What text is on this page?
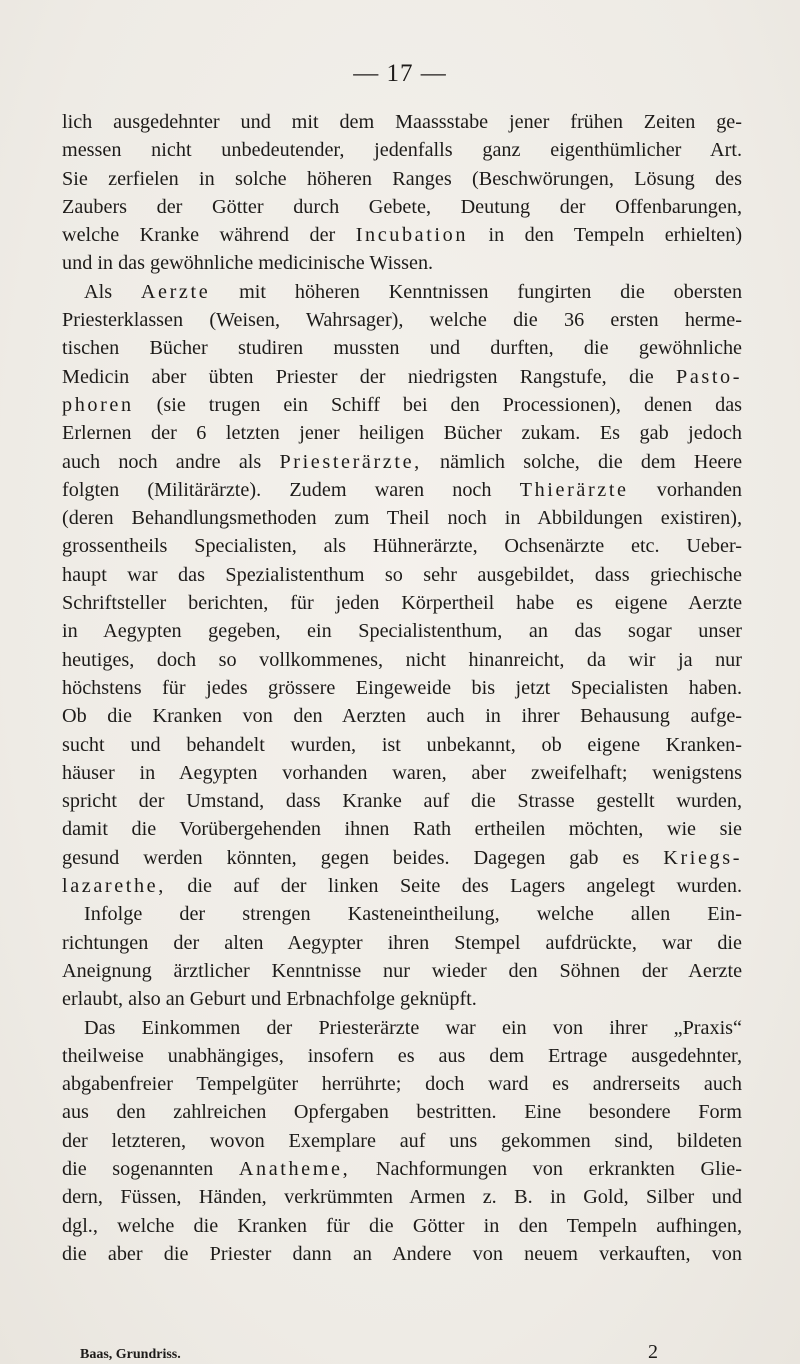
— 17 —
lich ausgedehnter und mit dem Maassstabe jener frühen Zeiten ge-
messen nicht unbedeutender, jedenfalls ganz eigenthümlicher Art.
Sie zerfielen in solche höheren Ranges (Beschwörungen, Lösung des
Zaubers der Götter durch Gebete, Deutung der Offenbarungen,
welche Kranke während der Incubation in den Tempeln erhielten)
und in das gewöhnliche medicinische Wissen.
Als Aerzte mit höheren Kenntnissen fungirten die obersten
Priesterklassen (Weisen, Wahrsager), welche die 36 ersten herme-
tischen Bücher studiren mussten und durften, die gewöhnliche
Medicin aber übten Priester der niedrigsten Rangstufe, die Pasto-
phoren (sie trugen ein Schiff bei den Processionen), denen das
Erlernen der 6 letzten jener heiligen Bücher zukam. Es gab jedoch
auch noch andre als Priesterärzte, nämlich solche, die dem Heere
folgten (Militärärzte). Zudem waren noch Thierärzte vorhanden
(deren Behandlungsmethoden zum Theil noch in Abbildungen existiren),
grossentheils Specialisten, als Hühnerärzte, Ochsenärzte etc. Ueber-
haupt war das Spezialistenthum so sehr ausgebildet, dass griechische
Schriftsteller berichten, für jeden Körpertheil habe es eigene Aerzte
in Aegypten gegeben, ein Specialistenthum, an das sogar unser
heutiges, doch so vollkommenes, nicht hinanreicht, da wir ja nur
höchstens für jedes grössere Eingeweide bis jetzt Specialisten haben.
Ob die Kranken von den Aerzten auch in ihrer Behausung aufge-
sucht und behandelt wurden, ist unbekannt, ob eigene Kranken-
häuser in Aegypten vorhanden waren, aber zweifelhaft; wenigstens
spricht der Umstand, dass Kranke auf die Strasse gestellt wurden,
damit die Vorübergehenden ihnen Rath ertheilen möchten, wie sie
gesund werden könnten, gegen beides. Dagegen gab es Kriegs-
lazarethe, die auf der linken Seite des Lagers angelegt wurden.
Infolge der strengen Kasteneintheilung, welche allen Ein-
richtungen der alten Aegypter ihren Stempel aufdrückte, war die
Aneignung ärztlicher Kenntnisse nur wieder den Söhnen der Aerzte
erlaubt, also an Geburt und Erbnachfolge geknüpft.
Das Einkommen der Priesterärzte war ein von ihrer „Praxis“
theilweise unabhängiges, insofern es aus dem Ertrage ausgedehnter,
abgabenfreier Tempelgüter herrührte; doch ward es andrerseits auch
aus den zahlreichen Opfergaben bestritten. Eine besondere Form
der letzteren, wovon Exemplare auf uns gekommen sind, bildeten
die sogenannten Anatheme, Nachformungen von erkrankten Glie-
dern, Füssen, Händen, verkrümmten Armen z. B. in Gold, Silber und
dgl., welche die Kranken für die Götter in den Tempeln aufhingen,
die aber die Priester dann an Andere von neuem verkauften, von
Baas, Grundriss.	2
